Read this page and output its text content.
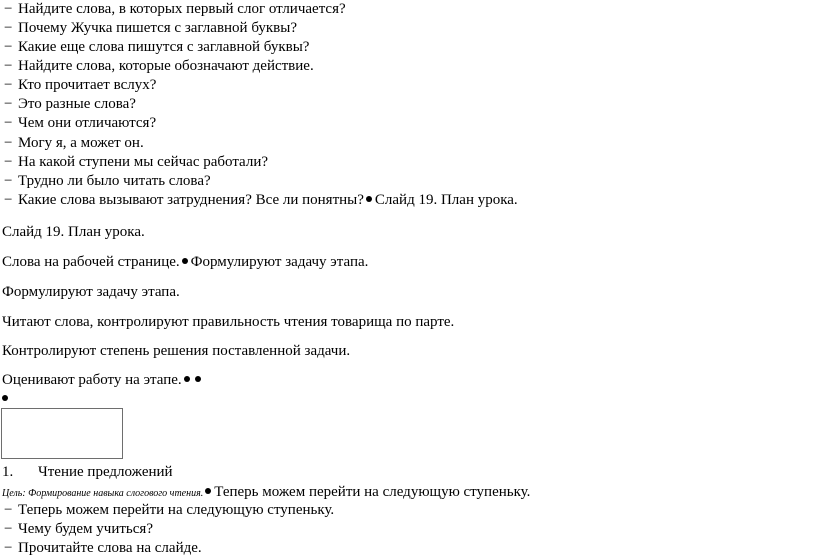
− Найдите слова, в которых первый слог отличается?
− Почему Жучка пишется с заглавной буквы?
− Какие еще слова пишутся с заглавной буквы?
− Найдите слова, которые обозначают действие.
− Кто прочитает вслух?
− Это разные слова?
− Чем они отличаются?
− Могу я, а может он.
− На какой ступени мы сейчас работали?
− Трудно ли было читать слова?
− Какие слова вызывают затруднения? Все ли понятны? Слайд 19. План урока.
Слайд 19. План урока.
Слова на рабочей странице. Формулируют задачу этапа.
Формулируют задачу этапа.
Читают слова, контролируют правильность чтения товарища по парте.
Контролируют степень решения поставленной задачи.
Оценивают работу на этапе.
1. Чтение предложений
Цель: Формирование навыка слогового чтения. Теперь можем перейти на следующую ступеньку.
− Теперь можем перейти на следующую ступеньку.
− Чему будем учиться?
− Прочитайте слова на слайде.
